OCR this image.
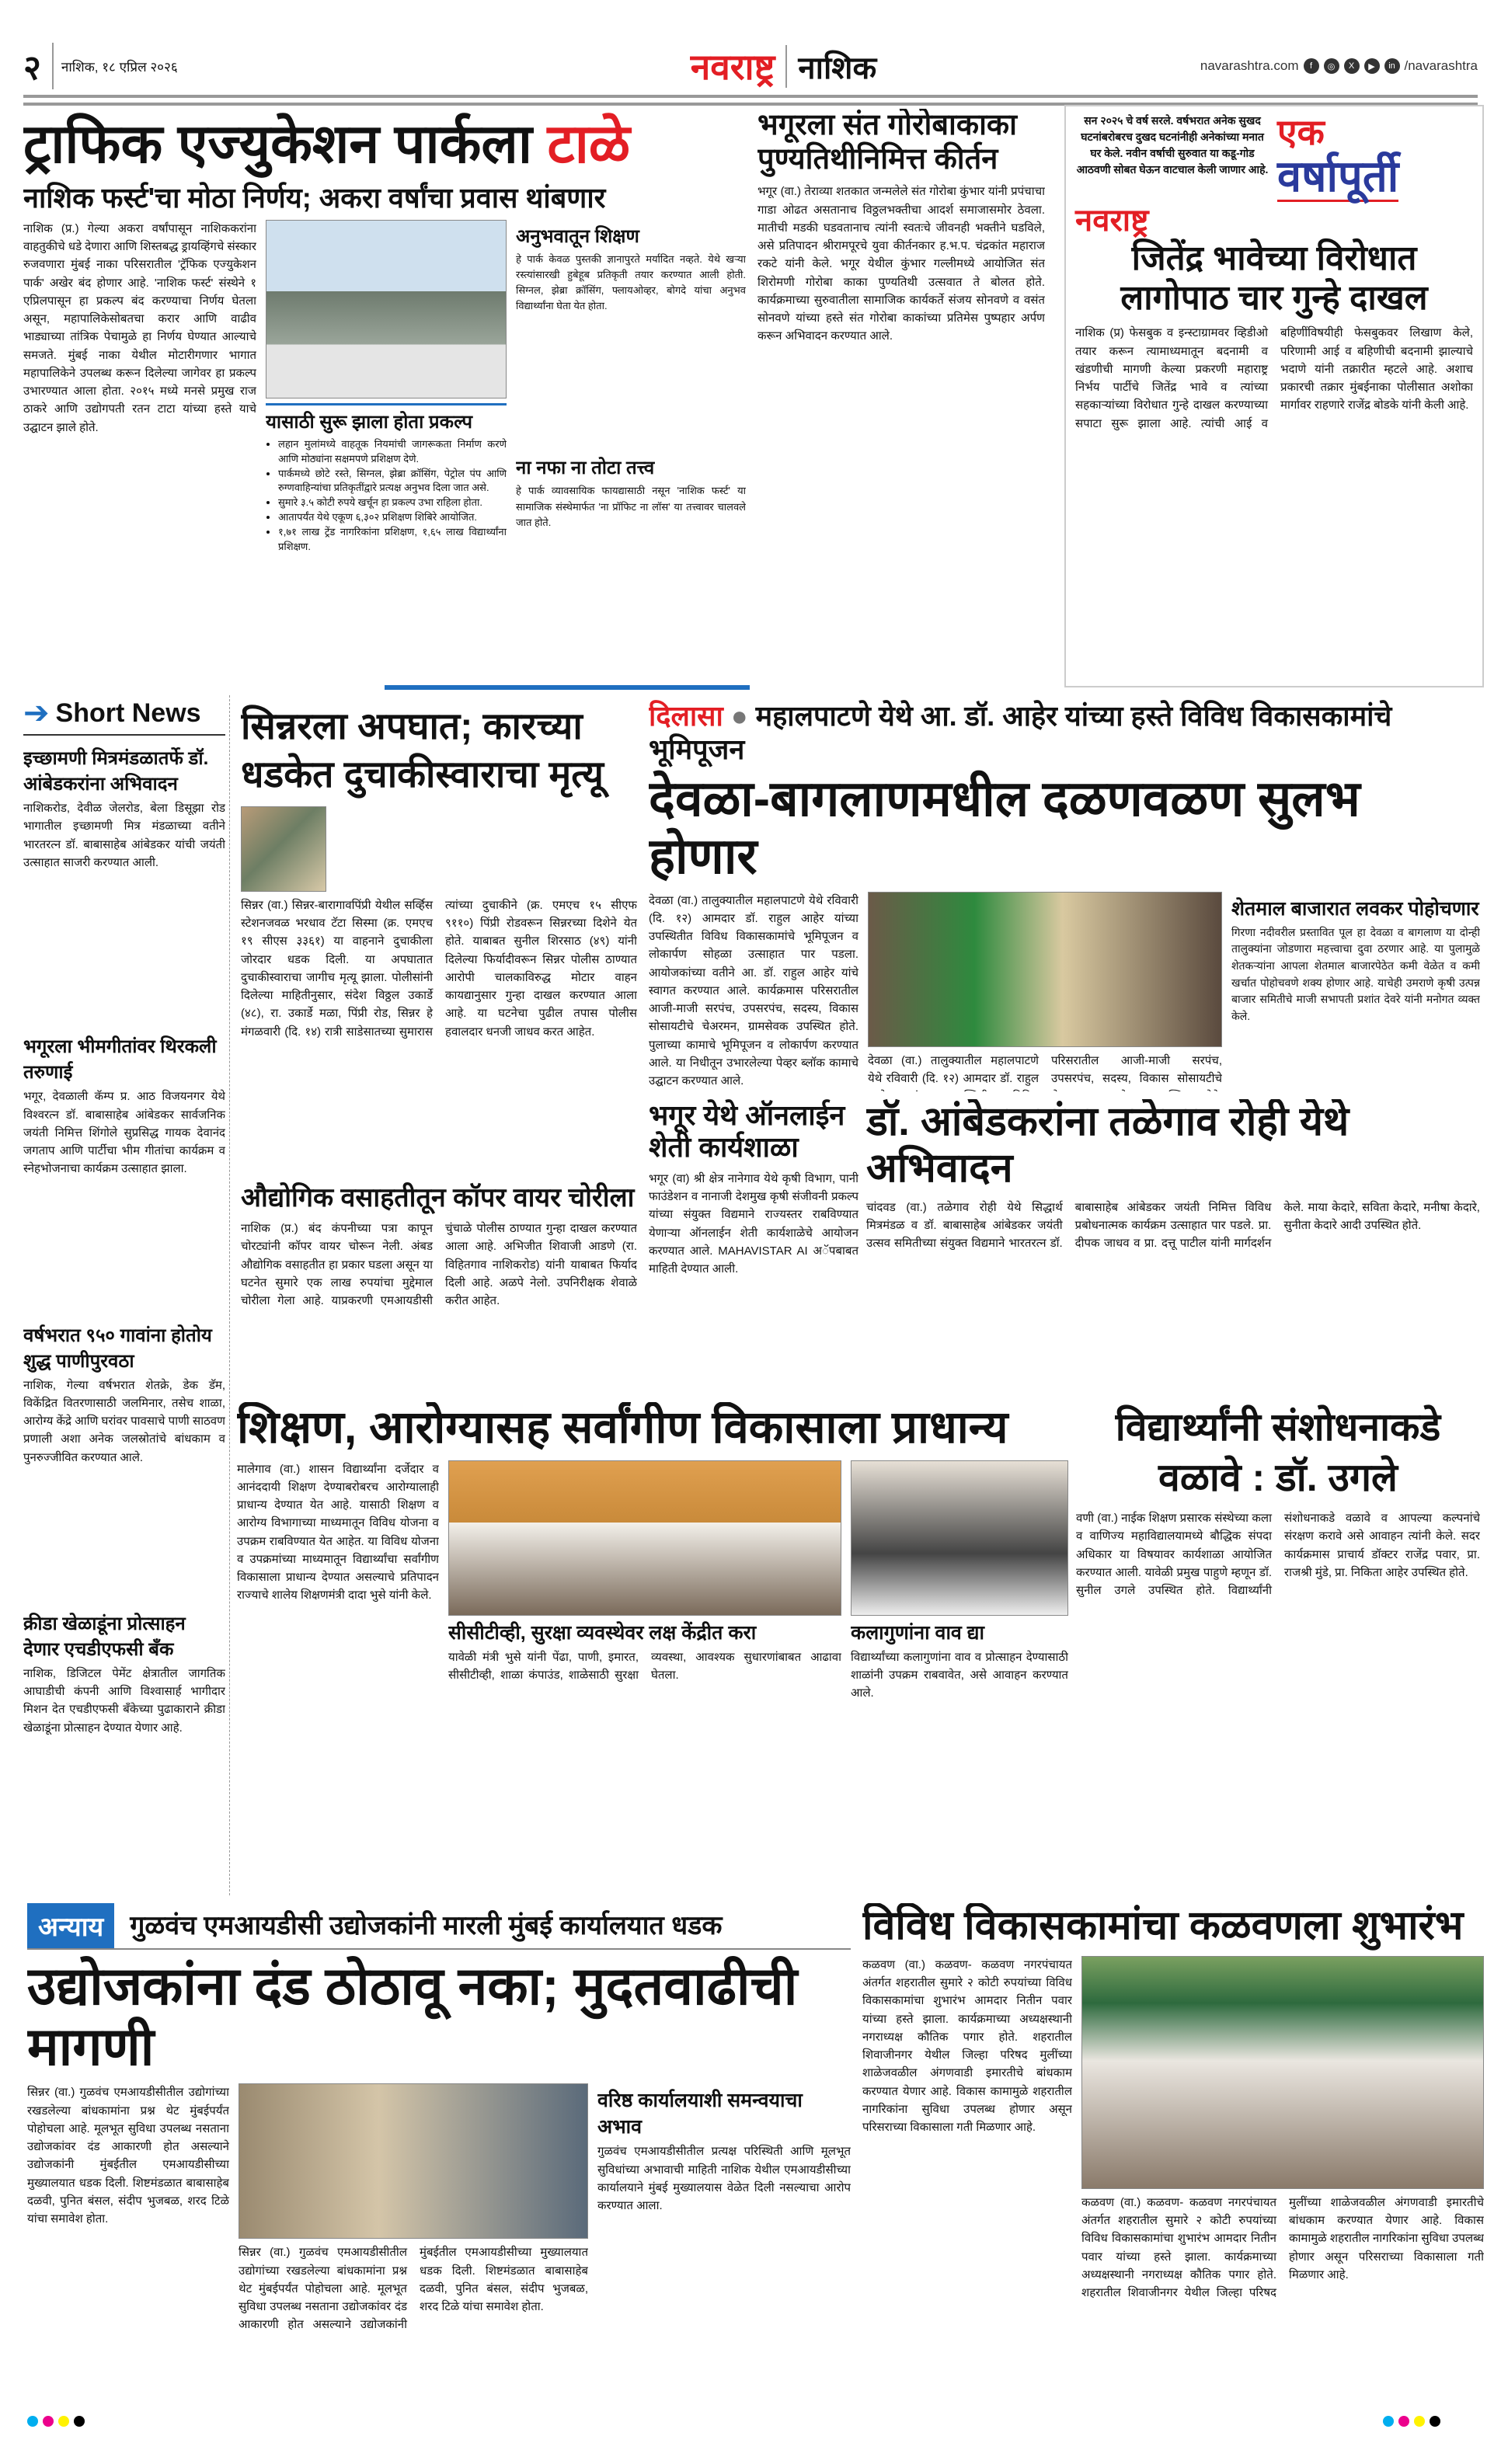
२	नाशिक, १८ एप्रिल २०२६	नवराष्ट्र नाशिक	navarashtra.com	f	◎	X	▶	in /navarashtra
ट्राफिक एज्युकेशन पार्कला टाळे
नाशिक फर्स्ट'चा मोठा निर्णय; अकरा वर्षांचा प्रवास थांबणार
नाशिक (प्र.) गेल्या अकरा वर्षांपासून नाशिककरांना वाहतुकीचे धडे देणारा आणि शिस्तबद्ध ड्रायव्हिंगचे संस्कार रुजवणारा मुंबई नाका परिसरातील 'ट्रॅफिक एज्युकेशन पार्क' अखेर बंद होणार आहे. 'नाशिक फर्स्ट' संस्थेने १ एप्रिलपासून हा प्रकल्प बंद करण्याचा निर्णय घेतला असून, महापालिकेसोबतचा करार आणि वाढीव भाड्याच्या तांत्रिक पेचामुळे हा निर्णय घेण्यात आल्याचे समजते. मुंबई नाका येथील मोटारीगणार भागात महापालिकेने उपलब्ध करून दिलेल्या जागेवर हा प्रकल्प उभारण्यात आला होता. २०१५ मध्ये मनसे प्रमुख राज ठाकरे आणि उद्योगपती रतन टाटा यांच्या हस्ते याचे उद्घाटन झाले होते.	यासाठी सुरू झाला होता प्रकल्प
• लहान मुलांमध्ये वाहतूक नियमांची जागरूकता निर्माण करणे आणि मोठ्यांना सक्षमपणे प्रशिक्षण देणे.
• पार्कमध्ये छोटे रस्ते, सिग्नल, झेब्रा क्रॉसिंग, पेट्रोल पंप आणि रुग्णवाहिन्यांचा प्रतिकृतींद्वारे प्रत्यक्ष अनुभव दिला जात असे.
• सुमारे ३.५ कोटी रुपये खर्चून हा प्रकल्प उभा राहिला होता.
• आतापर्यंत येथे एकूण ६,३०२ प्रशिक्षण शिबिरे आयोजित.
• १,७१ लाख ट्रेंड नागरिकांना प्रशिक्षण, १,६५ लाख विद्यार्थ्यांना प्रशिक्षण.
अनुभवातून शिक्षण
हे पार्क केवळ पुस्तकी ज्ञानापुरते मर्यादित नव्हते. येथे खऱ्या रस्त्यांसारखी हुबेहूब प्रतिकृती तयार करण्यात आली होती. सिग्नल, झेब्रा क्रॉसिंग, फ्लायओव्हर, बोगदे यांचा अनुभव विद्यार्थ्यांना घेता येत होता.
ना नफा ना तोटा तत्त्व
हे पार्क व्यावसायिक फायद्यासाठी नसून 'नाशिक फर्स्ट' या सामाजिक संस्थेमार्फत 'ना प्रॉफिट ना लॉस' या तत्त्वावर चालवले जात होते.
भगूरला संत गोरोबाकाका पुण्यतिथीनिमित्त कीर्तन
भगूर (वा.) तेराव्या शतकात जन्मलेले संत गोरोबा कुंभार यांनी प्रपंचाचा गाडा ओढत असतानाच विठ्ठलभक्तीचा आदर्श समाजासमोर ठेवला. मातीची मडकी घडवतानाच त्यांनी स्वतःचे जीवनही भक्तीने घडविले, असे प्रतिपादन श्रीरामपूरचे युवा कीर्तनकार ह.भ.प. चंद्रकांत महाराज रकटे यांनी केले. भगूर येथील कुंभार गल्लीमध्ये आयोजित संत शिरोमणी गोरोबा काका पुण्यतिथी उत्सवात ते बोलत होते. कार्यक्रमाच्या सुरुवातीला सामाजिक कार्यकर्ते संजय सोनवणे व वसंत सोनवणे यांच्या हस्ते संत गोरोबा काकांच्या प्रतिमेस पुष्पहार अर्पण करून अभिवादन करण्यात आले.
सन २०२५ चे वर्ष सरले. वर्षभरात अनेक सुखद घटनांबरोबरच दुखद घटनांनीही अनेकांच्या मनात घर केले. नवीन वर्षाची सुरुवात या कडू-गोड आठवणी सोबत घेऊन वाटचाल केली जाणार आहे.
एक
वर्षापूर्ती
नवराष्ट्र
जितेंद्र भावेच्या विरोधात लागोपाठ चार गुन्हे दाखल
नाशिक (प्र) फेसबुक व इन्स्टाग्रामवर व्हिडीओ तयार करून त्यामाध्यमातून बदनामी व खंडणीची मागणी केल्या प्रकरणी महाराष्ट्र निर्भय पार्टीचे जितेंद्र भावे व त्यांच्या सहकाऱ्यांच्या विरोधात गुन्हे दाखल करण्याच्या सपाटा सुरू झाला आहे. त्यांची आई व बहिणींविषयीही फेसबुकवर लिखाण केले, परिणामी आई व बहिणीची बदनामी झाल्याचे भदाणे यांनी तक्रारीत म्हटले आहे. अशाच प्रकारची तक्रार मुंबईनाका पोलीसात अशोका मार्गावर राहणारे राजेंद्र बोडके यांनी केली आहे.
➔ Short News
इच्छामणी मित्रमंडळातर्फे डॉ. आंबेडकरांना अभिवादन
नाशिकरोड, देवीळ जेलरोड, बेला डिसूझा रोड भागातील इच्छामणी मित्र मंडळाच्या वतीने भारतरत्न डॉ. बाबासाहेब आंबेडकर यांची जयंती उत्साहात साजरी करण्यात आली.
भगूरला भीमगीतांवर थिरकली तरुणाई
भगूर, देवळाली कॅम्प प्र. आठ विजयनगर येथे विश्वरत्न डॉ. बाबासाहेब आंबेडकर सार्वजनिक जयंती निमित्त शिंगोले सुप्रसिद्ध गायक देवानंद जगताप आणि पार्टीचा भीम गीतांचा कार्यक्रम व स्नेहभोजनाचा कार्यक्रम उत्साहात झाला.
वर्षभरात ९५० गावांना होतोय शुद्ध पाणीपुरवठा
नाशिक, गेल्या वर्षभरात शेतक्रे, डेक डॅम, विकेंद्रित वितरणासाठी जलमिनार, तसेच शाळा, आरोग्य केंद्रे आणि घरांवर पावसाचे पाणी साठवण प्रणाली अशा अनेक जलस्रोतांचे बांधकाम व पुनरुज्जीवित करण्यात आले.
क्रीडा खेळाडूंना प्रोत्साहन देणार एचडीएफसी बँक
नाशिक, डिजिटल पेमेंट क्षेत्रातील जागतिक आघाडीची कंपनी आणि विश्वासार्ह भागीदार मिशन देत एचडीएफसी बँकेच्या पुढाकाराने क्रीडा खेळाडूंना प्रोत्साहन देण्यात येणार आहे.
सिन्नरला अपघात; कारच्या धडकेत दुचाकीस्वाराचा मृत्यू
सिन्नर (वा.) सिन्नर-बारागावपिंप्री येथील सर्व्हिस स्टेशनजवळ भरधाव टॅटा सिस्मा (क्र. एमएच १९ सीएस ३३६१) या वाहनाने दुचाकीला जोरदार धडक दिली. या अपघातात दुचाकीस्वाराचा जागीच मृत्यू झाला. पोलीसांनी दिलेल्या माहितीनुसार, संदेश विठ्ठल उकार्डे (४८), रा. उकार्डे मळा, पिंप्री रोड, सिन्नर हे मंगळवारी (दि. १४) रात्री साडेसातच्या सुमारास त्यांच्या दुचाकीने (क्र. एमएच १५ सीएफ ९११०) पिंप्री रोडवरून सिन्नरच्या दिशेने येत होते. याबाबत सुनील शिरसाठ (४९) यांनी दिलेल्या फिर्यादीवरून सिन्नर पोलीस ठाण्यात आरोपी चालकाविरुद्ध मोटार वाहन कायद्यानुसार गुन्हा दाखल करण्यात आला आहे. या घटनेचा पुढील तपास पोलीस हवालदार धनजी जाधव करत आहेत.
औद्योगिक वसाहतीतून कॉपर वायर चोरीला
नाशिक (प्र.) बंद कंपनीच्या पत्रा कापून चोरट्यांनी कॉपर वायर चोरून नेली. अंबड औद्योगिक वसाहतीत हा प्रकार घडला असून या घटनेत सुमारे एक लाख रुपयांचा मुद्देमाल चोरीला गेला आहे. याप्रकरणी एमआयडीसी चुंचाळे पोलीस ठाण्यात गुन्हा दाखल करण्यात आला आहे. अभिजीत शिवाजी आडणे (रा. विहितगाव नाशिकरोड) यांनी याबाबत फिर्याद दिली आहे. अळपे नेलो. उपनिरीक्षक शेवाळे करीत आहेत.
दिलासा ● महालपाटणे येथे आ. डॉ. आहेर यांच्या हस्ते विविध विकासकामांचे भूमिपूजन
देवळा-बागलाणमधील दळणवळण सुलभ होणार
देवळा (वा.) तालुक्यातील महालपाटणे येथे रविवारी (दि. १२) आमदार डॉ. राहुल आहेर यांच्या उपस्थितीत विविध विकासकामांचे भूमिपूजन व लोकार्पण सोहळा उत्साहात पार पडला. आयोजकांच्या वतीने आ. डॉ. राहुल आहेर यांचे स्वागत करण्यात आले. कार्यक्रमास परिसरातील आजी-माजी सरपंच, उपसरपंच, सदस्य, विकास सोसायटीचे चेअरमन, ग्रामसेवक उपस्थित होते. पुलाच्या कामाचे भूमिपूजन व लोकार्पण करण्यात आले. या निधीतून उभारलेल्या पेव्हर ब्लॉक कामाचे उद्घाटन करण्यात आले.
देवळा (वा.) तालुक्यातील महालपाटणे येथे रविवारी (दि. १२) आमदार डॉ. राहुल परिसरातील आजी-माजी सरपंच, उपसरपंच, सदस्य, विकास सोसायटीचे
शेतमाल बाजारात लवकर पोहोचणार
गिरणा नदीवरील प्रस्तावित पूल हा देवळा व बागलाण या दोन्ही तालुक्यांना जोडणारा महत्त्वाचा दुवा ठरणार आहे. या पुलामुळे शेतकऱ्यांना आपला शेतमाल बाजारपेठेत कमी वेळेत व कमी खर्चात पोहोचवणे शक्य होणार आहे. याचेही उमराणे कृषी उत्पन्न बाजार समितीचे माजी सभापती प्रशांत देवरे यांनी मनोगत व्यक्त केले.
भगूर येथे ऑनलाईन शेती कार्यशाळा
भगूर (वा) श्री क्षेत्र नानेगाव येथे कृषी विभाग, पानी फाउंडेशन व नानाजी देशमुख कृषी संजीवनी प्रकल्प यांच्या संयुक्त विद्यमाने राज्यस्तर राबविण्यात येणाऱ्या ऑनलाईन शेती कार्यशाळेचे आयोजन करण्यात आले. MAHAVISTAR AI अॅपबाबत माहिती देण्यात आली.
डॉ. आंबेडकरांना तळेगाव रोही येथे अभिवादन
चांदवड (वा.) तळेगाव रोही येथे सिद्धार्थ मित्रमंडळ व डॉ. बाबासाहेब आंबेडकर जयंती उत्सव समितीच्या संयुक्त विद्यमाने भारतरत्न डॉ. बाबासाहेब आंबेडकर जयंती निमित्त विविध प्रबोधनात्मक कार्यक्रम उत्साहात पार पडले. प्रा. दीपक जाधव व प्रा. दत्तू पाटील यांनी मार्गदर्शन केले. माया केदारे, सविता केदारे, मनीषा केदारे, सुनीता केदारे आदी उपस्थित होते.
शिक्षण, आरोग्यासह सर्वांगीण विकासाला प्राधान्य
मालेगाव (वा.) शासन विद्यार्थ्यांना दर्जेदार व आनंददायी शिक्षण देण्याबरोबरच आरोग्यालाही प्राधान्य देण्यात येत आहे. यासाठी शिक्षण व आरोग्य विभागाच्या माध्यमातून विविध योजना व उपक्रम राबविण्यात येत आहेत. या विविध योजना व उपक्रमांच्या माध्यमातून विद्यार्थ्यांचा सर्वांगीण विकासाला प्राधान्य देण्यात असल्याचे प्रतिपादन राज्याचे शालेय शिक्षणमंत्री दादा भुसे यांनी केले.
सीसीटीव्ही, सुरक्षा व्यवस्थेवर लक्ष केंद्रीत करा
यावेळी मंत्री भुसे यांनी पेंढा, पाणी, इमारत, सीसीटीव्ही, शाळा कंपाउंड, शाळेसाठी सुरक्षा व्यवस्था, आवश्यक सुधारणांबाबत आढावा घेतला.
कलागुणांना वाव द्या
विद्यार्थ्यांच्या कलागुणांना वाव व प्रोत्साहन देण्यासाठी शाळांनी उपक्रम राबवावेत, असे आवाहन करण्यात आले.
विद्यार्थ्यांनी संशोधनाकडे वळावे : डॉ. उगले
वणी (वा.) नाईक शिक्षण प्रसारक संस्थेच्या कला व वाणिज्य महाविद्यालयामध्ये बौद्धिक संपदा अधिकार या विषयावर कार्यशाळा आयोजित करण्यात आली. यावेळी प्रमुख पाहुणे म्हणून डॉ. सुनील उगले उपस्थित होते. विद्यार्थ्यांनी संशोधनाकडे वळावे व आपल्या कल्पनांचे संरक्षण करावे असे आवाहन त्यांनी केले. सदर कार्यक्रमास प्राचार्य डॉक्टर राजेंद्र पवार, प्रा. राजश्री मुंडे, प्रा. निकिता आहेर उपस्थित होते.
अन्याय	गुळवंच एमआयडीसी उद्योजकांनी मारली मुंबई कार्यालयात धडक
उद्योजकांना दंड ठोठावू नका; मुदतवाढीची मागणी
सिन्नर (वा.) गुळवंच एमआयडीसीतील उद्योगांच्या रखडलेल्या बांधकामांना प्रश्न थेट मुंबईपर्यंत पोहोचला आहे. मूलभूत सुविधा उपलब्ध नसताना उद्योजकांवर दंड आकारणी होत असल्याने उद्योजकांनी मुंबईतील एमआयडीसीच्या मुख्यालयात धडक दिली. शिष्टमंडळात बाबासाहेब दळवी, पुनित बंसल, संदीप भुजबळ, शरद टिळे यांचा समावेश होता.
सिन्नर (वा.) गुळवंच एमआयडीसीतील उद्योगांच्या रखडलेल्या बांधकामांना प्रश्न थेट मुंबईपर्यंत पोहोचला आहे. मूलभूत सुविधा उपलब्ध नसताना उद्योजकांवर दंड आकारणी होत असल्याने उद्योजकांनी मुंबईतील एमआयडीसीच्या मुख्यालयात धडक दिली. शिष्टमंडळात बाबासाहेब दळवी, पुनित बंसल, संदीप भुजबळ, शरद टिळे यांचा समावेश होता.
वरिष्ठ कार्यालयाशी समन्वयाचा अभाव
गुळवंच एमआयडीसीतील प्रत्यक्ष परिस्थिती आणि मूलभूत सुविधांच्या अभावाची माहिती नाशिक येथील एमआयडीसीच्या कार्यालयाने मुंबई मुख्यालयास वेळेत दिली नसल्याचा आरोप करण्यात आला.
विविध विकासकामांचा कळवणला शुभारंभ
कळवण (वा.) कळवण- कळवण नगरपंचायत अंतर्गत शहरातील सुमारे २ कोटी रुपयांच्या विविध विकासकामांचा शुभारंभ आमदार नितीन पवार यांच्या हस्ते झाला. कार्यक्रमाच्या अध्यक्षस्थानी नगराध्यक्ष कौतिक पगार होते. शहरातील शिवाजीनगर येथील जिल्हा परिषद मुलींच्या शाळेजवळील अंगणवाडी इमारतीचे बांधकाम करण्यात येणार आहे. विकास कामामुळे शहरातील नागरिकांना सुविधा उपलब्ध होणार असून परिसराच्या विकासाला गती मिळणार आहे.
कळवण (वा.) कळवण- कळवण नगरपंचायत अंतर्गत शहरातील सुमारे २ कोटी रुपयांच्या विविध विकासकामांचा शुभारंभ आमदार नितीन पवार यांच्या हस्ते झाला. कार्यक्रमाच्या अध्यक्षस्थानी नगराध्यक्ष कौतिक पगार होते. शहरातील शिवाजीनगर येथील जिल्हा परिषद मुलींच्या शाळेजवळील अंगणवाडी इमारतीचे बांधकाम करण्यात येणार आहे. विकास कामामुळे शहरातील नागरिकांना सुविधा उपलब्ध होणार असून परिसराच्या विकासाला गती मिळणार आहे.
